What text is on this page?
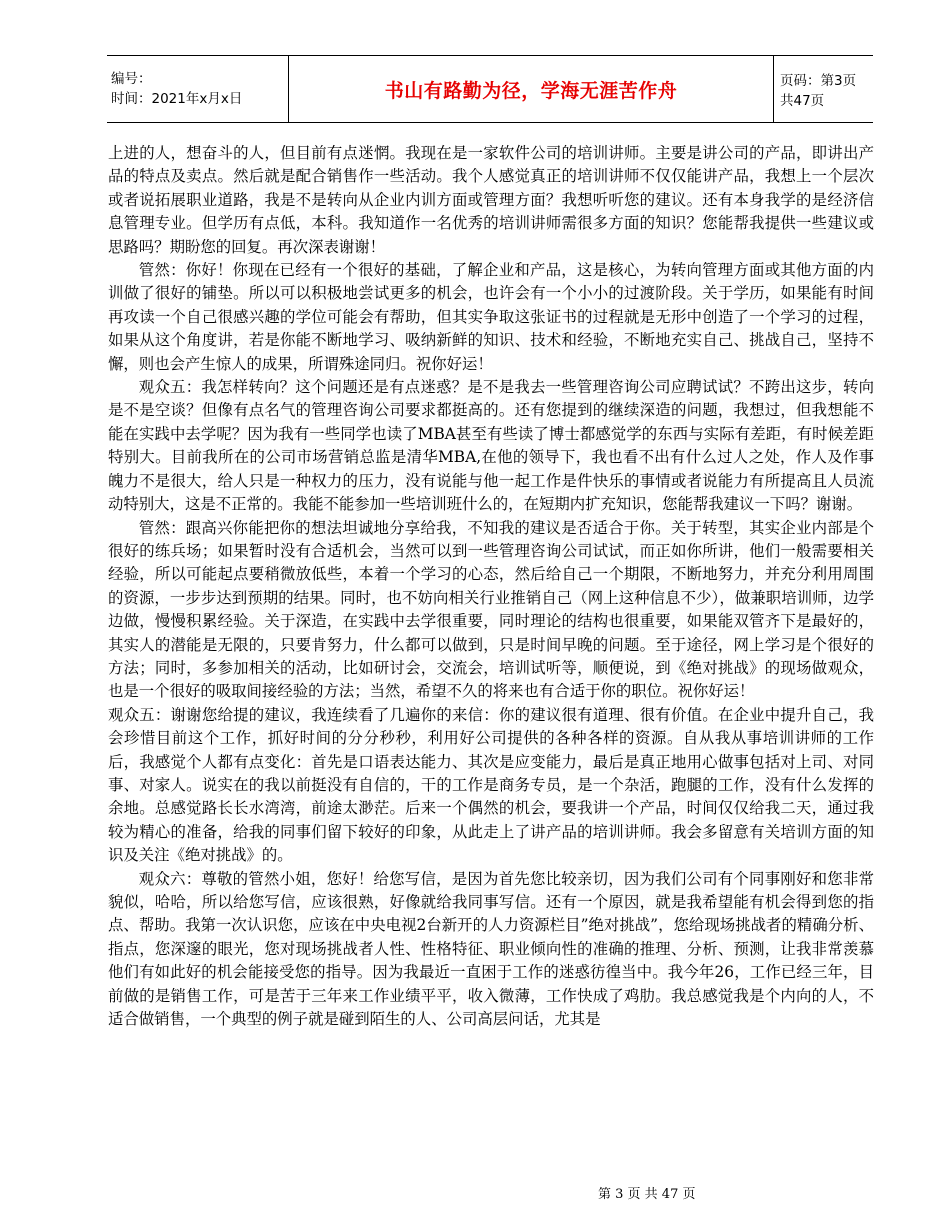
编号：
时间：2021年x月x日	书山有路勤为径，学海无涯苦作舟	页码：第3页 共47页

上进的人，想奋斗的人，但目前有点迷惘。我现在是一家软件公司的培训讲师。主要是讲公司的产品，即讲出产品的特点及卖点。然后就是配合销售作一些活动。我个人感觉真正的培训讲师不仅仅能讲产品，我想上一个层次或者说拓展职业道路，我是不是转向从企业内训方面或管理方面？我想听听您的建议。还有本身我学的是经济信息管理专业。但学历有点低，本科。我知道作一名优秀的培训讲师需很多方面的知识？您能帮我提供一些建议或思路吗？期盼您的回复。再次深表谢谢！

管然：你好！你现在已经有一个很好的基础，了解企业和产品，这是核心，为转向管理方面或其他方面的内训做了很好的铺垫。所以可以积极地尝试更多的机会，也许会有一个小小的过渡阶段。关于学历，如果能有时间再攻读一个自己很感兴趣的学位可能会有帮助，但其实争取这张证书的过程就是无形中创造了一个学习的过程，如果从这个角度讲，若是你能不断地学习、吸纳新鲜的知识、技术和经验，不断地充实自己、挑战自己，坚持不懈，则也会产生惊人的成果，所谓殊途同归。祝你好运！

观众五：我怎样转向？这个问题还是有点迷惑？是不是我去一些管理咨询公司应聘试试？不跨出这步，转向是不是空谈？但像有点名气的管理咨询公司要求都挺高的。还有您提到的继续深造的问题，我想过，但我想能不能在实践中去学呢？因为我有一些同学也读了MBA甚至有些读了博士都感觉学的东西与实际有差距，有时候差距特别大。目前我所在的公司市场营销总监是清华MBA,在他的领导下，我也看不出有什么过人之处，作人及作事魄力不是很大，给人只是一种权力的压力，没有说能与他一起工作是件快乐的事情或者说能力有所提高且人员流动特别大，这是不正常的。我能不能参加一些培训班什么的，在短期内扩充知识，您能帮我建议一下吗？谢谢。

管然：跟高兴你能把你的想法坦诚地分享给我，不知我的建议是否适合于你。关于转型，其实企业内部是个很好的练兵场；如果暂时没有合适机会，当然可以到一些管理咨询公司试试，而正如你所讲，他们一般需要相关经验，所以可能起点要稍微放低些，本着一个学习的心态，然后给自己一个期限，不断地努力，并充分利用周围的资源，一步步达到预期的结果。同时，也不妨向相关行业推销自己（网上这种信息不少），做兼职培训师，边学边做，慢慢积累经验。关于深造，在实践中去学很重要，同时理论的结构也很重要，如果能双管齐下是最好的，其实人的潜能是无限的，只要肯努力，什么都可以做到，只是时间早晚的问题。至于途径，网上学习是个很好的方法；同时，多参加相关的活动，比如研讨会，交流会，培训试听等，顺便说，到《绝对挑战》的现场做观众，也是一个很好的吸取间接经验的方法；当然，希望不久的将来也有合适于你的职位。祝你好运！

观众五：谢谢您给提的建议，我连续看了几遍你的来信：你的建议很有道理、很有价值。在企业中提升自己，我会珍惜目前这个工作，抓好时间的分分秒秒，利用好公司提供的各种各样的资源。自从我从事培训讲师的工作后，我感觉个人都有点变化：首先是口语表达能力、其次是应变能力，最后是真正地用心做事包括对上司、对同事、对家人。说实在的我以前挺没有自信的，干的工作是商务专员，是一个杂活，跑腿的工作，没有什么发挥的余地。总感觉路长长水湾湾，前途太渺茫。后来一个偶然的机会，要我讲一个产品，时间仅仅给我二天，通过我较为精心的准备，给我的同事们留下较好的印象，从此走上了讲产品的培训讲师。我会多留意有关培训方面的知识及关注《绝对挑战》的。

观众六：尊敬的管然小姐，您好！给您写信，是因为首先您比较亲切，因为我们公司有个同事刚好和您非常貌似，哈哈，所以给您写信，应该很熟，好像就给我同事写信。还有一个原因，就是我希望能有机会得到您的指点、帮助。我第一次认识您，应该在中央电视2台新开的人力资源栏目”绝对挑战”，您给现场挑战者的精确分析、指点，您深邃的眼光，您对现场挑战者人性、性格特征、职业倾向性的准确的推理、分析、预测，让我非常羡慕他们有如此好的机会能接受您的指导。因为我最近一直困于工作的迷惑彷徨当中。我今年26，工作已经三年，目前做的是销售工作，可是苦于三年来工作业绩平平，收入微薄，工作快成了鸡肋。我总感觉我是个内向的人，不适合做销售，一个典型的例子就是碰到陌生的人、公司高层问话，尤其是

第 3 页 共 47 页
